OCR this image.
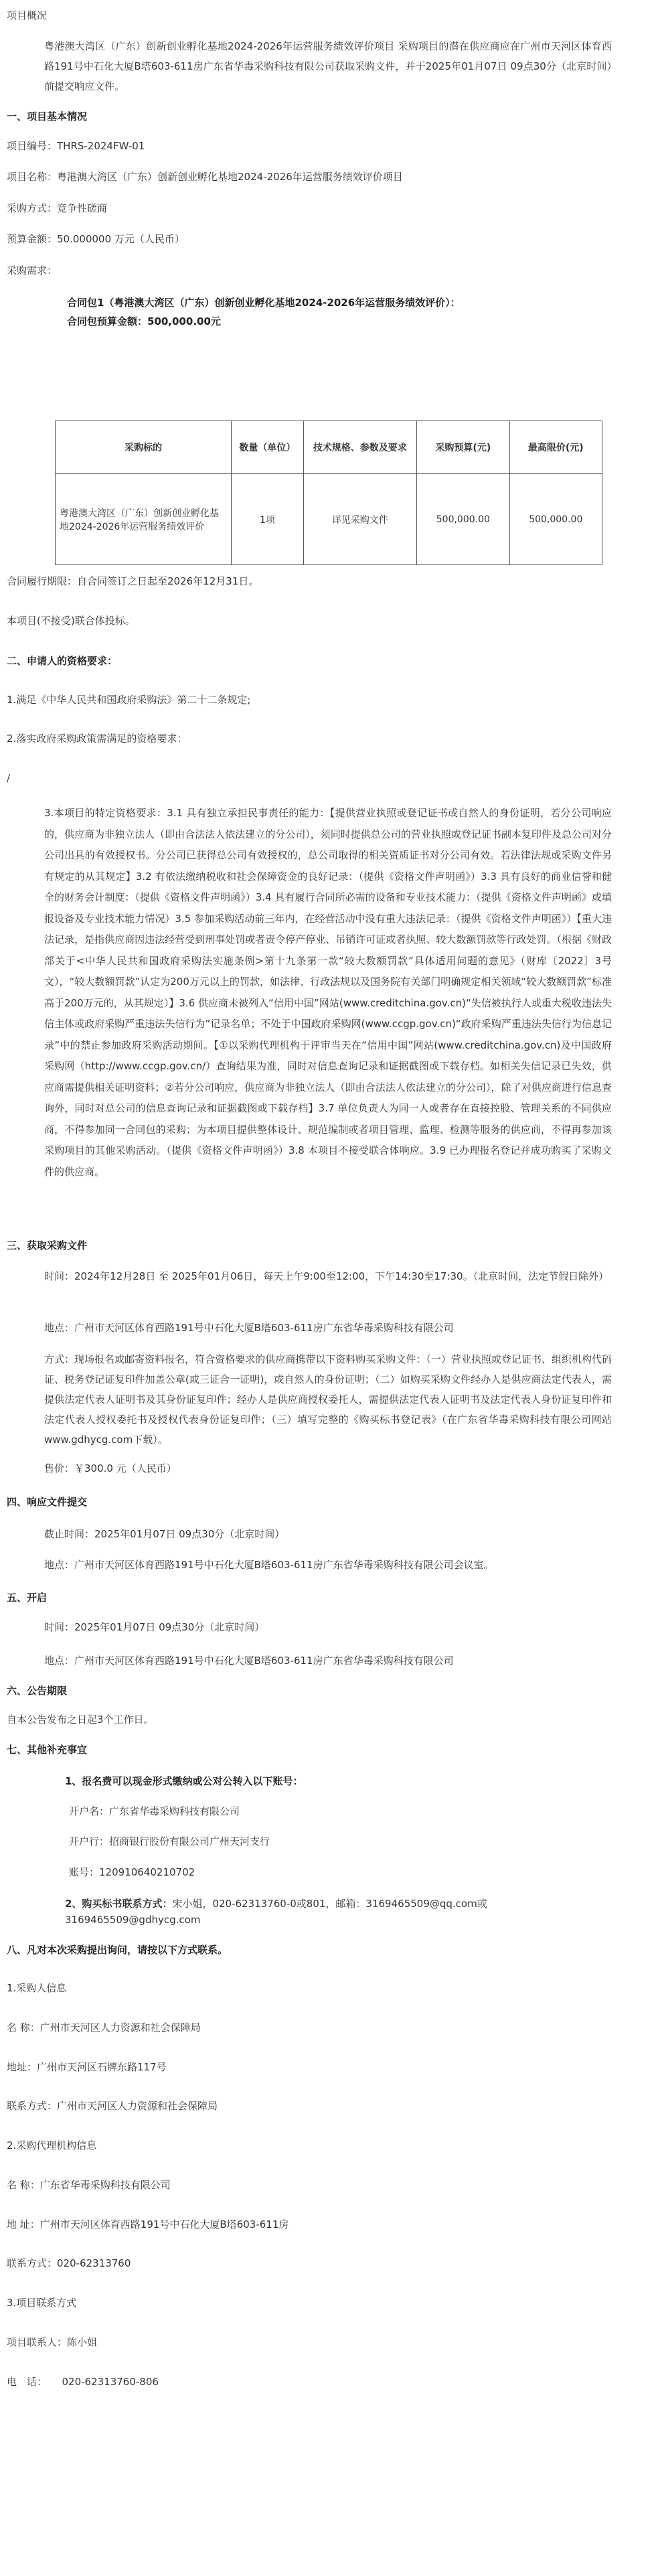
项目概况

粤港澳大湾区（广东）创新创业孵化基地2024-2026年运营服务绩效评价项目 采购项目的潜在供应商应在广州市天河区体育西路191号中石化大厦B塔603-611房广东省华毒采购科技有限公司获取采购文件，并于2025年01月07日 09点30分（北京时间）前提交响应文件。

一、项目基本情况

项目编号：THRS-2024FW-01

项目名称：粤港澳大湾区（广东）创新创业孵化基地2024-2026年运营服务绩效评价项目

采购方式：竞争性磋商

预算金额：50.000000 万元（人民币）

采购需求：

合同包1（粤港澳大湾区（广东）创新创业孵化基地2024-2026年运营服务绩效评价）：

合同包预算金额：500,000.00元

采购标的	数量（单位）	技术规格、参数及要求	采购预算(元)	最高限价(元)
粤港澳大湾区（广东）创新创业孵化基地2024-2026年运营服务绩效评价	1项	详见采购文件	500,000.00	500,000.00

合同履行期限：自合同签订之日起至2026年12月31日。

本项目(不接受)联合体投标。

二、申请人的资格要求：

1.满足《中华人民共和国政府采购法》第二十二条规定;

2.落实政府采购政策需满足的资格要求：

/

3.本项目的特定资格要求：3.1 具有独立承担民事责任的能力：【提供营业执照或登记证书或自然人的身份证明，若分公司响应的，供应商为非独立法人（即由合法法人依法建立的分公司），须同时提供总公司的营业执照或登记证书副本复印件及总公司对分公司出具的有效授权书。分公司已获得总公司有效授权的，总公司取得的相关资质证书对分公司有效。若法律法规或采购文件另有规定的从其规定】3.2 有依法缴纳税收和社会保障资金的良好记录：（提供《资格文件声明函》）3.3 具有良好的商业信誉和健全的财务会计制度：（提供《资格文件声明函》）3.4 具有履行合同所必需的设备和专业技术能力：（提供《资格文件声明函》或填报设备及专业技术能力情况）3.5 参加采购活动前三年内，在经营活动中没有重大违法记录：（提供《资格文件声明函》）【重大违法记录，是指供应商因违法经营受到刑事处罚或者责令停产停业、吊销许可证或者执照、较大数额罚款等行政处罚。（根据《财政部关于<中华人民共和国政府采购法实施条例>第十九条第一款“较大数额罚款”具体适用问题的意见》（财库〔2022〕3号文），“较大数额罚款”认定为200万元以上的罚款，如法律、行政法规以及国务院有关部门明确规定相关领域“较大数额罚款”标准高于200万元的，从其规定）】3.6 供应商未被列入“信用中国”网站(www.creditchina.gov.cn)“失信被执行人或重大税收违法失信主体或政府采购严重违法失信行为”记录名单；不处于中国政府采购网(www.ccgp.gov.cn)“政府采购严重违法失信行为信息记录”中的禁止参加政府采购活动期间。【①以采购代理机构于评审当天在“信用中国”网站(www.creditchina.gov.cn)及中国政府采购网（http://www.ccgp.gov.cn/）查询结果为准，同时对信息查询记录和证据截图或下载存档。如相关失信记录已失效，供应商需提供相关证明资料；②若分公司响应，供应商为非独立法人（即由合法法人依法建立的分公司），除了对供应商进行信息查询外，同时对总公司的信息查询记录和证据截图或下载存档】3.7 单位负责人为同一人或者存在直接控股、管理关系的不同供应商，不得参加同一合同包的采购；为本项目提供整体设计、规范编制或者项目管理、监理、检测等服务的供应商，不得再参加该采购项目的其他采购活动。（提供《资格文件声明函》）3.8 本项目不接受联合体响应。3.9 已办理报名登记并成功购买了采购文件的供应商。

三、获取采购文件

时间：2024年12月28日 至 2025年01月06日，每天上午9:00至12:00，下午14:30至17:30。（北京时间，法定节假日除外）

地点：广州市天河区体育西路191号中石化大厦B塔603-611房广东省华毒采购科技有限公司

方式：现场报名或邮寄资料报名，符合资格要求的供应商携带以下资料购买采购文件：（一）营业执照或登记证书、组织机构代码证、税务登记证复印件加盖公章(或三证合一证明)，或自然人的身份证明；（二）如购买采购文件经办人是供应商法定代表人，需提供法定代表人证明书及其身份证复印件；经办人是供应商授权委托人，需提供法定代表人证明书及法定代表人身份证复印件和法定代表人授权委托书及授权代表身份证复印件；（三）填写完整的《购买标书登记表》（在广东省华毒采购科技有限公司网站www.gdhycg.com下载）。

售价：￥300.0 元（人民币）

四、响应文件提交

截止时间：2025年01月07日 09点30分（北京时间）

地点：广州市天河区体育西路191号中石化大厦B塔603-611房广东省华毒采购科技有限公司会议室。

五、开启

时间：2025年01月07日 09点30分（北京时间）

地点：广州市天河区体育西路191号中石化大厦B塔603-611房广东省华毒采购科技有限公司

六、公告期限

自本公告发布之日起3个工作日。

七、其他补充事宜

1、报名费可以现金形式缴纳或公对公转入以下账号：

开户名：广东省华毒采购科技有限公司

开户行：招商银行股份有限公司广州天河支行

账号：120910640210702

2、购买标书联系方式：宋小姐，020-62313760-0或801，邮箱：3169465509@qq.com或3169465509@gdhycg.com

八、凡对本次采购提出询问，请按以下方式联系。

1.采购人信息

名 称：广州市天河区人力资源和社会保障局

地址：广州市天河区石牌东路117号

联系方式：广州市天河区人力资源和社会保障局

2.采购代理机构信息

名 称：广东省华毒采购科技有限公司

地 址：广州市天河区体育西路191号中石化大厦B塔603-611房

联系方式：020-62313760

3.项目联系方式

项目联系人：陈小姐

电　话：　　020-62313760-806
